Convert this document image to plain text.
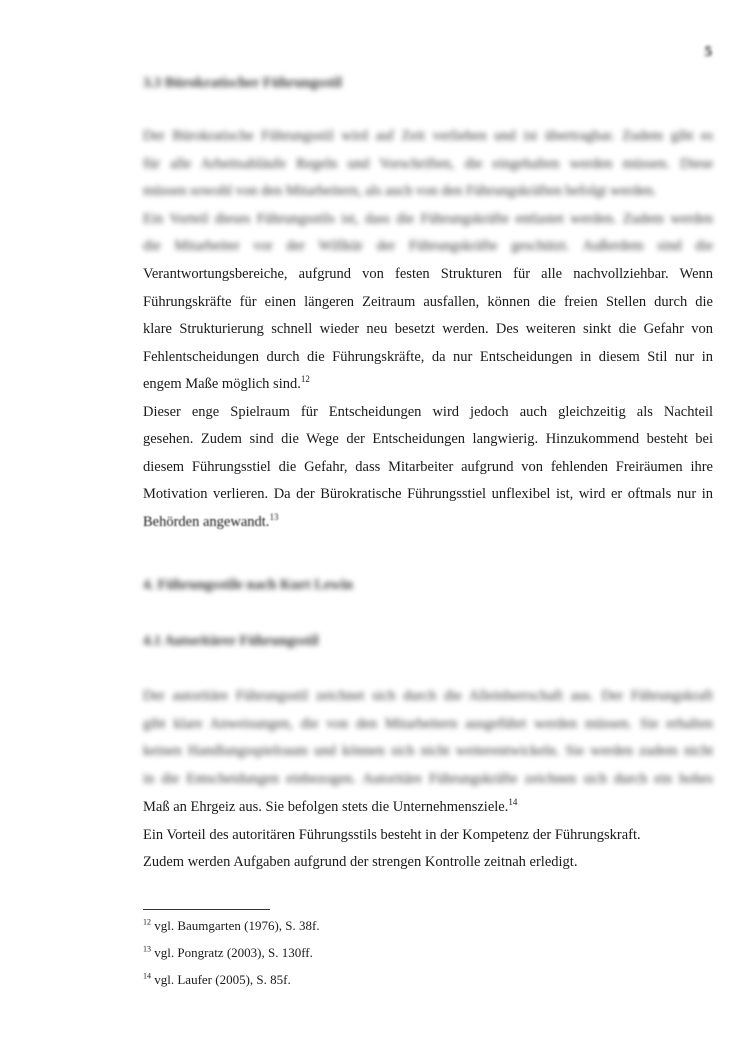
5
3.3 Bürokratischer Führungsstil

Der Bürokratische Führungsstil wird auf Zeit verliehen und ist übertragbar. Zudem gibt es

für alle Arbeitsabläufe Regeln und Vorschriften, die eingehalten werden müssen. Diese

müssen sowohl von den Mitarbeitern, als auch von den Führungskräften befolgt werden.

Ein Vorteil dieses Führungsstils ist, dass die Führungskräfte entlastet werden. Zudem werden

die Mitarbeiter vor der Willkür der Führungskräfte geschützt. Außerdem sind die

Verantwortungsbereiche, aufgrund von festen Strukturen für alle nachvollziehbar. Wenn

Führungskräfte für einen längeren Zeitraum ausfallen, können die freien Stellen durch die

klare Strukturierung schnell wieder neu besetzt werden. Des weiteren sinkt die Gefahr von

Fehlentscheidungen durch die Führungskräfte, da nur Entscheidungen in diesem Stil nur in

engem Maße möglich sind.$^{12}$

Dieser enge Spielraum für Entscheidungen wird jedoch auch gleichzeitig als Nachteil

gesehen. Zudem sind die Wege der Entscheidungen langwierig. Hinzukommend besteht bei

diesem Führungsstiel die Gefahr, dass Mitarbeiter aufgrund von fehlenden Freiräumen ihre

Motivation verlieren. Da der Bürokratische Führungsstiel unflexibel ist, wird er oftmals nur in

Behörden angewandt.$^{13}$

4. Führungsstile nach Kurt Lewin
4.1 Autoritärer Führungsstil

Der autoritäre Führungsstil zeichnet sich durch die Alleinherrschaft aus. Der Führungskraft

gibt klare Anweisungen, die von den Mitarbeitern ausgeführt werden müssen. Sie erhalten

keinen Handlungsspielraum und können sich nicht weiterentwickeln. Sie werden zudem nicht

in die Entscheidungen einbezogen. Autoritäre Führungskräfte zeichnen sich durch ein hohes

Maß an Ehrgeiz aus. Sie befolgen stets die Unternehmensziele.$^{14}$

Ein Vorteil des autoritären Führungsstils besteht in der Kompetenz der Führungskraft.

Zudem werden Aufgaben aufgrund der strengen Kontrolle zeitnah erledigt.

$^{12}$ vgl. Baumgarten (1976), S. 38f.
$^{13}$ vgl. Pongratz (2003), S. 130ff.
$^{14}$ vgl. Laufer (2005), S. 85f.
